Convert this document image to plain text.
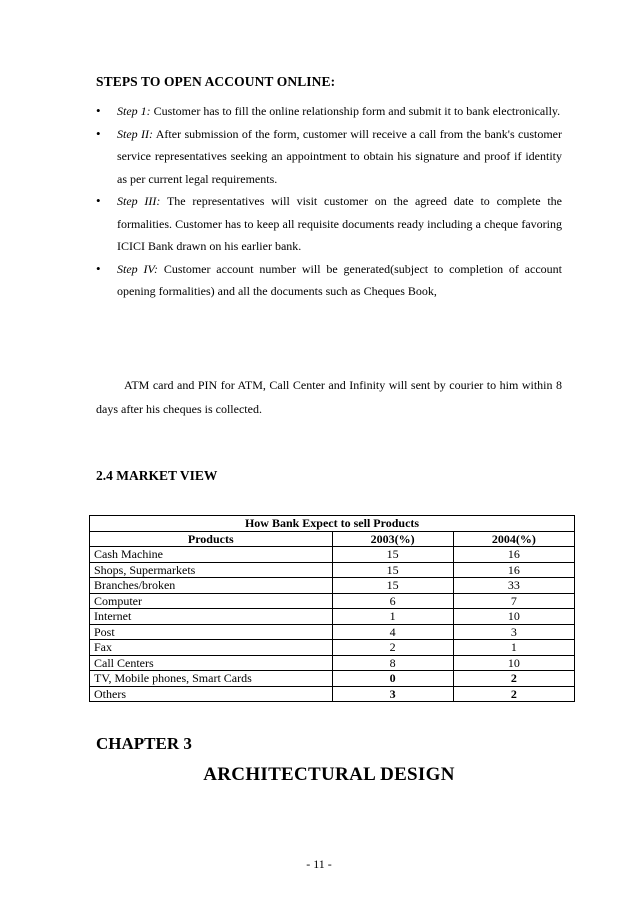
STEPS TO OPEN ACCOUNT ONLINE:
• Step 1: Customer has to fill the online relationship form and submit it to bank electronically.
• Step II: After submission of the form, customer will receive a call from the bank's customer service representatives seeking an appointment to obtain his signature and proof if identity as per current legal requirements.
• Step III: The representatives will visit customer on the agreed date to complete the formalities. Customer has to keep all requisite documents ready including a cheque favoring ICICI Bank drawn on his earlier bank.
• Step IV: Customer account number will be generated(subject to completion of account opening formalities) and all the documents such as Cheques Book,
ATM card and PIN for ATM, Call Center and Infinity will sent by courier to him within 8 days after his cheques is collected.
2.4 MARKET VIEW
How Bank Expect to sell Products		
Products	2003(%)	2004(%)
Cash Machine	15	16
Shops, Supermarkets	15	16
Branches/broken	15	33
Computer	6	7
Internet	1	10
Post	4	3
Fax	2	1
Call Centers	8	10
TV, Mobile phones, Smart Cards	0	2
Others	3	2
CHAPTER 3
ARCHITECTURAL DESIGN
- 11 -
